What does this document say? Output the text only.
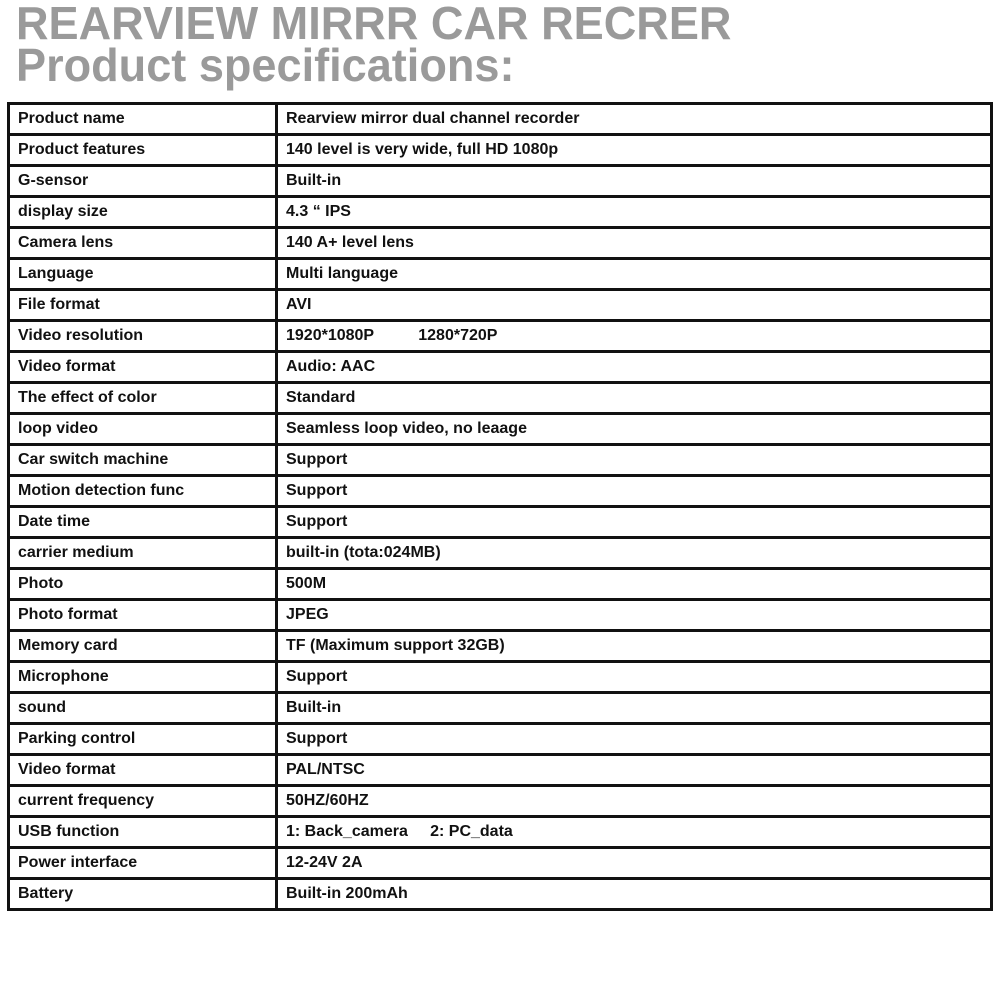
REARVIEW MIRRR CAR RECRER
Product specifications:
Product name	Rearview mirror dual channel recorder
Product features	140 level is very wide, full HD 1080p
G-sensor	Built-in
display size	4.3 “ IPS
Camera lens	140 A+ level lens
Language	Multi language
File format	AVI
Video resolution	1920*1080P          1280*720P
Video format	Audio: AAC
The effect of color	Standard
loop video	Seamless loop video, no leaage
Car switch machine	Support
Motion detection func	Support
Date time	Support
carrier medium	built-in (tota:024MB)
Photo	500M
Photo format	JPEG
Memory card	TF (Maximum support 32GB)
Microphone	Support
sound	Built-in
Parking control	Support
Video format	PAL/NTSC
current frequency	50HZ/60HZ
USB function	1: Back_camera     2: PC_data
Power interface	12-24V 2A
Battery	Built-in 200mAh
